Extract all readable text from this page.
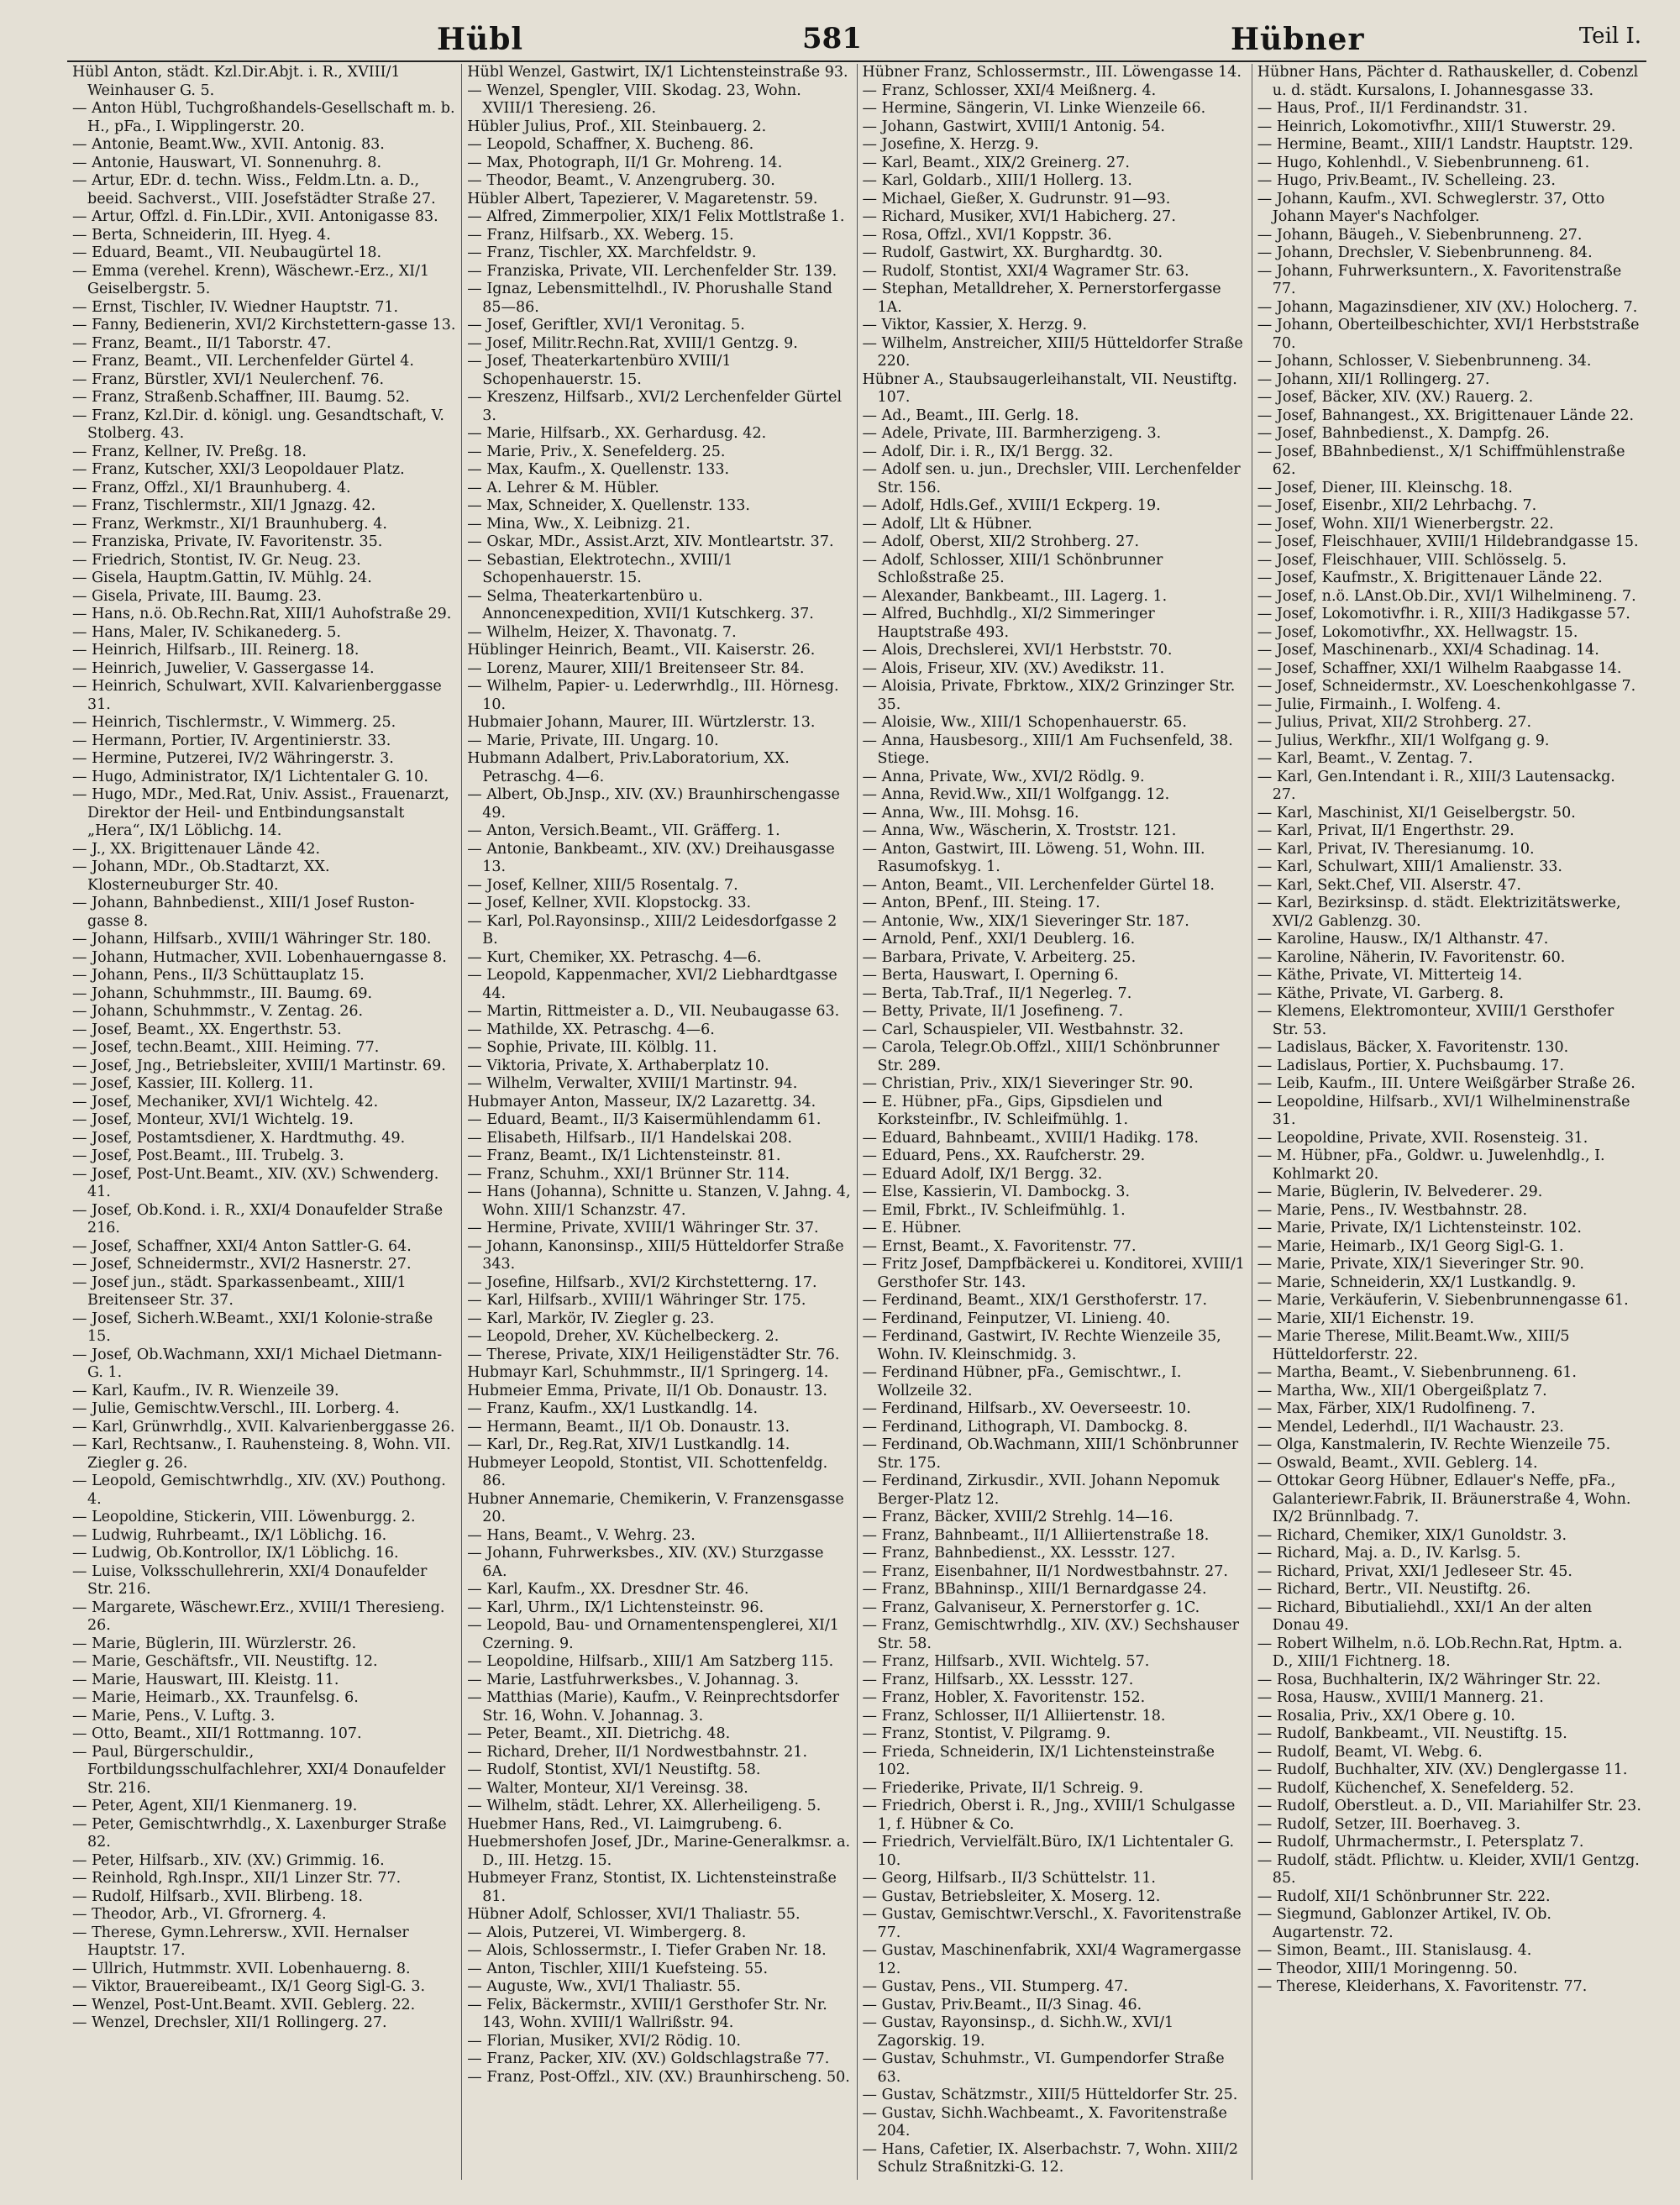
Hübl	581	Hübner	Teil I.

Hübl Anton, städt. Kzl.Dir.Abjt. i. R., XVIII/1 Weinhauser G. 5.

— Anton Hübl, Tuchgroßhandels-Gesellschaft m. b. H., pFa., I. Wipplingerstr. 20.

— Antonie, Beamt.Ww., XVII. Antonig. 83.

— Antonie, Hauswart, VI. Sonnenuhrg. 8.

— Artur, EDr. d. techn. Wiss., Feldm.Ltn. a. D., beeid. Sachverst., VIII. Josefstädter Straße 27.

— Artur, Offzl. d. Fin.LDir., XVII. Antonigasse 83.

— Berta, Schneiderin, III. Hyeg. 4.

— Eduard, Beamt., VII. Neubaugürtel 18.

— Emma (verehel. Krenn), Wäschewr.-Erz., XI/1 Geiselbergstr. 5.

— Ernst, Tischler, IV. Wiedner Hauptstr. 71.

— Fanny, Bedienerin, XVI/2 Kirchstettern-gasse 13.

— Franz, Beamt., II/1 Taborstr. 47.

— Franz, Beamt., VII. Lerchenfelder Gürtel 4.

— Franz, Bürstler, XVI/1 Neulerchenf. 76.

— Franz, Straßenb.Schaffner, III. Baumg. 52.

— Franz, Kzl.Dir. d. königl. ung. Gesandtschaft, V. Stolberg. 43.

— Franz, Kellner, IV. Preßg. 18.

— Franz, Kutscher, XXI/3 Leopoldauer Platz.

— Franz, Offzl., XI/1 Braunhuberg. 4.

— Franz, Tischlermstr., XII/1 Jgnazg. 42.

— Franz, Werkmstr., XI/1 Braunhuberg. 4.

— Franziska, Private, IV. Favoritenstr. 35.

— Friedrich, Stontist, IV. Gr. Neug. 23.

— Gisela, Hauptm.Gattin, IV. Mühlg. 24.

— Gisela, Private, III. Baumg. 23.

— Hans, n.ö. Ob.Rechn.Rat, XIII/1 Auhofstraße 29.

— Hans, Maler, IV. Schikanederg. 5.

— Heinrich, Hilfsarb., III. Reinerg. 18.

— Heinrich, Juwelier, V. Gassergasse 14.

— Heinrich, Schulwart, XVII. Kalvarienberggasse 31.

— Heinrich, Tischlermstr., V. Wimmerg. 25.

— Hermann, Portier, IV. Argentinierstr. 33.

— Hermine, Putzerei, IV/2 Währingerstr. 3.

— Hugo, Administrator, IX/1 Lichtentaler G. 10.

— Hugo, MDr., Med.Rat, Univ. Assist., Frauenarzt, Direktor der Heil- und Entbindungsanstalt „Hera“, IX/1 Löblichg. 14.

— J., XX. Brigittenauer Lände 42.

— Johann, MDr., Ob.Stadtarzt, XX. Klosterneuburger Str. 40.

— Johann, Bahnbedienst., XIII/1 Josef Ruston-gasse 8.

— Johann, Hilfsarb., XVIII/1 Währinger Str. 180.

— Johann, Hutmacher, XVII. Lobenhauerngasse 8.

— Johann, Pens., II/3 Schüttauplatz 15.

— Johann, Schuhmmstr., III. Baumg. 69.

— Johann, Schuhmmstr., V. Zentag. 26.

— Josef, Beamt., XX. Engerthstr. 53.

— Josef, techn.Beamt., XIII. Heiming. 77.

— Josef, Jng., Betriebsleiter, XVIII/1 Martinstr. 69.

— Josef, Kassier, III. Kollerg. 11.

— Josef, Mechaniker, XVI/1 Wichtelg. 42.

— Josef, Monteur, XVI/1 Wichtelg. 19.

— Josef, Postamtsdiener, X. Hardtmuthg. 49.

— Josef, Post.Beamt., III. Trubelg. 3.

— Josef, Post-Unt.Beamt., XIV. (XV.) Schwenderg. 41.

— Josef, Ob.Kond. i. R., XXI/4 Donaufelder Straße 216.

— Josef, Schaffner, XXI/4 Anton Sattler-G. 64.

— Josef, Schneidermstr., XVI/2 Hasnerstr. 27.

— Josef jun., städt. Sparkassenbeamt., XIII/1 Breitenseer Str. 37.

— Josef, Sicherh.W.Beamt., XXI/1 Kolonie-straße 15.

— Josef, Ob.Wachmann, XXI/1 Michael Dietmann-G. 1.

— Karl, Kaufm., IV. R. Wienzeile 39.

— Julie, Gemischtw.Verschl., III. Lorberg. 4.

— Karl, Grünwrhdlg., XVII. Kalvarienberggasse 26.

— Karl, Rechtsanw., I. Rauhensteing. 8, Wohn. VII. Ziegler g. 26.

— Leopold, Gemischtwrhdlg., XIV. (XV.) Pouthong. 4.

— Leopoldine, Stickerin, VIII. Löwenburgg. 2.

— Ludwig, Ruhrbeamt., IX/1 Löblichg. 16.

— Ludwig, Ob.Kontrollor, IX/1 Löblichg. 16.

— Luise, Volksschullehrerin, XXI/4 Donaufelder Str. 216.

— Margarete, Wäschewr.Erz., XVIII/1 Theresieng. 26.

— Marie, Büglerin, III. Würzlerstr. 26.

— Marie, Geschäftsfr., VII. Neustiftg. 12.

— Marie, Hauswart, III. Kleistg. 11.

— Marie, Heimarb., XX. Traunfelsg. 6.

— Marie, Pens., V. Luftg. 3.

— Otto, Beamt., XII/1 Rottmanng. 107.

— Paul, Bürgerschuldir., Fortbildungsschulfachlehrer, XXI/4 Donaufelder Str. 216.

— Peter, Agent, XII/1 Kienmanerg. 19.

— Peter, Gemischtwrhdlg., X. Laxenburger Straße 82.

— Peter, Hilfsarb., XIV. (XV.) Grimmig. 16.

— Reinhold, Rgh.Inspr., XII/1 Linzer Str. 77.

— Rudolf, Hilfsarb., XVII. Blirbeng. 18.

— Theodor, Arb., VI. Gfrornerg. 4.

— Therese, Gymn.Lehrersw., XVII. Hernalser Hauptstr. 17.

— Ullrich, Hutmmstr. XVII. Lobenhauerng. 8.

— Viktor, Brauereibeamt., IX/1 Georg Sigl-G. 3.

— Wenzel, Post-Unt.Beamt. XVII. Geblerg. 22.

— Wenzel, Drechsler, XII/1 Rollingerg. 27.

Hübl Wenzel, Gastwirt, IX/1 Lichtensteinstraße 93.

— Wenzel, Spengler, VIII. Skodag. 23, Wohn. XVIII/1 Theresieng. 26.

Hübler Julius, Prof., XII. Steinbauerg. 2.

— Leopold, Schaffner, X. Bucheng. 86.

— Max, Photograph, II/1 Gr. Mohreng. 14.

— Theodor, Beamt., V. Anzengruberg. 30.

Hübler Albert, Tapezierer, V. Magaretenstr. 59.

— Alfred, Zimmerpolier, XIX/1 Felix Mottlstraße 1.

— Franz, Hilfsarb., XX. Weberg. 15.

— Franz, Tischler, XX. Marchfeldstr. 9.

— Franziska, Private, VII. Lerchenfelder Str. 139.

— Ignaz, Lebensmittelhdl., IV. Phorushalle Stand 85—86.

— Josef, Geriftler, XVI/1 Veronitag. 5.

— Josef, Militr.Rechn.Rat, XVIII/1 Gentzg. 9.

— Josef, Theaterkartenbüro XVIII/1 Schopenhauerstr. 15.

— Kreszenz, Hilfsarb., XVI/2 Lerchenfelder Gürtel 3.

— Marie, Hilfsarb., XX. Gerhardusg. 42.

— Marie, Priv., X. Senefelderg. 25.

— Max, Kaufm., X. Quellenstr. 133.

— A. Lehrer & M. Hübler.

— Max, Schneider, X. Quellenstr. 133.

— Mina, Ww., X. Leibnizg. 21.

— Oskar, MDr., Assist.Arzt, XIV. Montleartstr. 37.

— Sebastian, Elektrotechn., XVIII/1 Schopenhauerstr. 15.

— Selma, Theaterkartenbüro u. Annoncenexpedition, XVII/1 Kutschkerg. 37.

— Wilhelm, Heizer, X. Thavonatg. 7.

Hüblinger Heinrich, Beamt., VII. Kaiserstr. 26.

— Lorenz, Maurer, XIII/1 Breitenseer Str. 84.

— Wilhelm, Papier- u. Lederwrhdlg., III. Hörnesg. 10.

Hubmaier Johann, Maurer, III. Würtzlerstr. 13.

— Marie, Private, III. Ungarg. 10.

Hubmann Adalbert, Priv.Laboratorium, XX. Petraschg. 4—6.

— Albert, Ob.Jnsp., XIV. (XV.) Braunhirschengasse 49.

— Anton, Versich.Beamt., VII. Gräfferg. 1.

— Antonie, Bankbeamt., XIV. (XV.) Dreihausgasse 13.

— Josef, Kellner, XIII/5 Rosentalg. 7.

— Josef, Kellner, XVII. Klopstockg. 33.

— Karl, Pol.Rayonsinsp., XIII/2 Leidesdorfgasse 2 B.

— Kurt, Chemiker, XX. Petraschg. 4—6.

— Leopold, Kappenmacher, XVI/2 Liebhardtgasse 44.

— Martin, Rittmeister a. D., VII. Neubaugasse 63.

— Mathilde, XX. Petraschg. 4—6.

— Sophie, Private, III. Kölblg. 11.

— Viktoria, Private, X. Arthaberplatz 10.

— Wilhelm, Verwalter, XVIII/1 Martinstr. 94.

Hubmayer Anton, Masseur, IX/2 Lazarettg. 34.

— Eduard, Beamt., II/3 Kaisermühlendamm 61.

— Elisabeth, Hilfsarb., II/1 Handelskai 208.

— Franz, Beamt., IX/1 Lichtensteinstr. 81.

— Franz, Schuhm., XXI/1 Brünner Str. 114.

— Hans (Johanna), Schnitte u. Stanzen, V. Jahng. 4, Wohn. XIII/1 Schanzstr. 47.

— Hermine, Private, XVIII/1 Währinger Str. 37.

— Johann, Kanonsinsp., XIII/5 Hütteldorfer Straße 343.

— Josefine, Hilfsarb., XVI/2 Kirchstetterng. 17.

— Karl, Hilfsarb., XVIII/1 Währinger Str. 175.

— Karl, Markör, IV. Ziegler g. 23.

— Leopold, Dreher, XV. Küchelbeckerg. 2.

— Therese, Private, XIX/1 Heiligenstädter Str. 76.

Hubmayr Karl, Schuhmmstr., II/1 Springerg. 14.

Hubmeier Emma, Private, II/1 Ob. Donaustr. 13.

— Franz, Kaufm., XX/1 Lustkandlg. 14.

— Hermann, Beamt., II/1 Ob. Donaustr. 13.

— Karl, Dr., Reg.Rat, XIV/1 Lustkandlg. 14.

Hubmeyer Leopold, Stontist, VII. Schottenfeldg. 86.

Hubner Annemarie, Chemikerin, V. Franzensgasse 20.

— Hans, Beamt., V. Wehrg. 23.

— Johann, Fuhrwerksbes., XIV. (XV.) Sturzgasse 6A.

— Karl, Kaufm., XX. Dresdner Str. 46.

— Karl, Uhrm., IX/1 Lichtensteinstr. 96.

— Leopold, Bau- und Ornamentenspenglerei, XI/1 Czerning. 9.

— Leopoldine, Hilfsarb., XIII/1 Am Satzberg 115.

— Marie, Lastfuhrwerksbes., V. Johannag. 3.

— Matthias (Marie), Kaufm., V. Reinprechtsdorfer Str. 16, Wohn. V. Johannag. 3.

— Peter, Beamt., XII. Dietrichg. 48.

— Richard, Dreher, II/1 Nordwestbahnstr. 21.

— Rudolf, Stontist, XVI/1 Neustiftg. 58.

— Walter, Monteur, XI/1 Vereinsg. 38.

— Wilhelm, städt. Lehrer, XX. Allerheiligeng. 5.

Huebmer Hans, Red., VI. Laimgrubeng. 6.

Huebmershofen Josef, JDr., Marine-Generalkmsr. a. D., III. Hetzg. 15.

Hubmeyer Franz, Stontist, IX. Lichtensteinstraße 81.

Hübner Adolf, Schlosser, XVI/1 Thaliastr. 55.

— Alois, Putzerei, VI. Wimbergerg. 8.

— Alois, Schlossermstr., I. Tiefer Graben Nr. 18.

— Anton, Tischler, XIII/1 Kuefsteing. 55.

— Auguste, Ww., XVI/1 Thaliastr. 55.

— Felix, Bäckermstr., XVIII/1 Gersthofer Str. Nr. 143, Wohn. XVIII/1 Wallrißstr. 94.

— Florian, Musiker, XVI/2 Rödig. 10.

— Franz, Packer, XIV. (XV.) Goldschlagstraße 77.

— Franz, Post-Offzl., XIV. (XV.) Braunhirscheng. 50.

Hübner Franz, Schlossermstr., III. Löwengasse 14.

— Franz, Schlosser, XXI/4 Meißnerg. 4.

— Hermine, Sängerin, VI. Linke Wienzeile 66.

— Johann, Gastwirt, XVIII/1 Antonig. 54.

— Josefine, X. Herzg. 9.

— Karl, Beamt., XIX/2 Greinerg. 27.

— Karl, Goldarb., XIII/1 Hollerg. 13.

— Michael, Gießer, X. Gudrunstr. 91—93.

— Richard, Musiker, XVI/1 Habicherg. 27.

— Rosa, Offzl., XVI/1 Koppstr. 36.

— Rudolf, Gastwirt, XX. Burghardtg. 30.

— Rudolf, Stontist, XXI/4 Wagramer Str. 63.

— Stephan, Metalldreher, X. Pernerstorfergasse 1A.

— Viktor, Kassier, X. Herzg. 9.

— Wilhelm, Anstreicher, XIII/5 Hütteldorfer Straße 220.

Hübner A., Staubsaugerleihanstalt, VII. Neustiftg. 107.

— Ad., Beamt., III. Gerlg. 18.

— Adele, Private, III. Barmherzigeng. 3.

— Adolf, Dir. i. R., IX/1 Bergg. 32.

— Adolf sen. u. jun., Drechsler, VIII. Lerchenfelder Str. 156.

— Adolf, Hdls.Gef., XVIII/1 Eckperg. 19.

— Adolf, Llt & Hübner.

— Adolf, Oberst, XII/2 Strohberg. 27.

— Adolf, Schlosser, XIII/1 Schönbrunner Schloßstraße 25.

— Alexander, Bankbeamt., III. Lagerg. 1.

— Alfred, Buchhdlg., XI/2 Simmeringer Hauptstraße 493.

— Alois, Drechslerei, XVI/1 Herbststr. 70.

— Alois, Friseur, XIV. (XV.) Avedikstr. 11.

— Aloisia, Private, Fbrktow., XIX/2 Grinzinger Str. 35.

— Aloisie, Ww., XIII/1 Schopenhauerstr. 65.

— Anna, Hausbesorg., XIII/1 Am Fuchsenfeld, 38. Stiege.

— Anna, Private, Ww., XVI/2 Rödlg. 9.

— Anna, Revid.Ww., XII/1 Wolfgangg. 12.

— Anna, Ww., III. Mohsg. 16.

— Anna, Ww., Wäscherin, X. Troststr. 121.

— Anton, Gastwirt, III. Löweng. 51, Wohn. III. Rasumofskyg. 1.

— Anton, Beamt., VII. Lerchenfelder Gürtel 18.

— Anton, BPenf., III. Steing. 17.

— Antonie, Ww., XIX/1 Sieveringer Str. 187.

— Arnold, Penf., XXI/1 Deublerg. 16.

— Barbara, Private, V. Arbeiterg. 25.

— Berta, Hauswart, I. Operning 6.

— Berta, Tab.Traf., II/1 Negerleg. 7.

— Betty, Private, II/1 Josefineng. 7.

— Carl, Schauspieler, VII. Westbahnstr. 32.

— Carola, Telegr.Ob.Offzl., XIII/1 Schönbrunner Str. 289.

— Christian, Priv., XIX/1 Sieveringer Str. 90.

— E. Hübner, pFa., Gips, Gipsdielen und Korksteinfbr., IV. Schleifmühlg. 1.

— Eduard, Bahnbeamt., XVIII/1 Hadikg. 178.

— Eduard, Pens., XX. Raufcherstr. 29.

— Eduard Adolf, IX/1 Bergg. 32.

— Else, Kassierin, VI. Dambockg. 3.

— Emil, Fbrkt., IV. Schleifmühlg. 1.

— E. Hübner.

— Ernst, Beamt., X. Favoritenstr. 77.

— Fritz Josef, Dampfbäckerei u. Konditorei, XVIII/1 Gersthofer Str. 143.

— Ferdinand, Beamt., XIX/1 Gersthoferstr. 17.

— Ferdinand, Feinputzer, VI. Linieng. 40.

— Ferdinand, Gastwirt, IV. Rechte Wienzeile 35, Wohn. IV. Kleinschmidg. 3.

— Ferdinand Hübner, pFa., Gemischtwr., I. Wollzeile 32.

— Ferdinand, Hilfsarb., XV. Oeverseestr. 10.

— Ferdinand, Lithograph, VI. Dambockg. 8.

— Ferdinand, Ob.Wachmann, XIII/1 Schönbrunner Str. 175.

— Ferdinand, Zirkusdir., XVII. Johann Nepomuk Berger-Platz 12.

— Franz, Bäcker, XVIII/2 Strehlg. 14—16.

— Franz, Bahnbeamt., II/1 Alliiertenstraße 18.

— Franz, Bahnbedienst., XX. Lessstr. 127.

— Franz, Eisenbahner, II/1 Nordwestbahnstr. 27.

— Franz, BBahninsp., XIII/1 Bernardgasse 24.

— Franz, Galvaniseur, X. Pernerstorfer g. 1C.

— Franz, Gemischtwrhdlg., XIV. (XV.) Sechshauser Str. 58.

— Franz, Hilfsarb., XVII. Wichtelg. 57.

— Franz, Hilfsarb., XX. Lessstr. 127.

— Franz, Hobler, X. Favoritenstr. 152.

— Franz, Schlosser, II/1 Alliiertenstr. 18.

— Franz, Stontist, V. Pilgramg. 9.

— Frieda, Schneiderin, IX/1 Lichtensteinstraße 102.

— Friederike, Private, II/1 Schreig. 9.

— Friedrich, Oberst i. R., Jng., XVIII/1 Schulgasse 1, f. Hübner & Co.

— Friedrich, Vervielfält.Büro, IX/1 Lichtentaler G. 10.

— Georg, Hilfsarb., II/3 Schüttelstr. 11.

— Gustav, Betriebsleiter, X. Moserg. 12.

— Gustav, Gemischtwr.Verschl., X. Favoritenstraße 77.

— Gustav, Maschinenfabrik, XXI/4 Wagramergasse 12.

— Gustav, Pens., VII. Stumperg. 47.

— Gustav, Priv.Beamt., II/3 Sinag. 46.

— Gustav, Rayonsinsp., d. Sichh.W., XVI/1 Zagorskig. 19.

— Gustav, Schuhmstr., VI. Gumpendorfer Straße 63.

— Gustav, Schätzmstr., XIII/5 Hütteldorfer Str. 25.

— Gustav, Sichh.Wachbeamt., X. Favoritenstraße 204.

— Hans, Cafetier, IX. Alserbachstr. 7, Wohn. XIII/2 Schulz Straßnitzki-G. 12.

Hübner Hans, Pächter d. Rathauskeller, d. Cobenzl u. d. städt. Kursalons, I. Johannesgasse 33.

— Haus, Prof., II/1 Ferdinandstr. 31.

— Heinrich, Lokomotivfhr., XIII/1 Stuwerstr. 29.

— Hermine, Beamt., XIII/1 Landstr. Hauptstr. 129.

— Hugo, Kohlenhdl., V. Siebenbrunneng. 61.

— Hugo, Priv.Beamt., IV. Schelleing. 23.

— Johann, Kaufm., XVI. Schweglerstr. 37, Otto Johann Mayer's Nachfolger.

— Johann, Bäugeh., V. Siebenbrunneng. 27.

— Johann, Drechsler, V. Siebenbrunneng. 84.

— Johann, Fuhrwerksuntern., X. Favoritenstraße 77.

— Johann, Magazinsdiener, XIV (XV.) Holocherg. 7.

— Johann, Oberteilbeschichter, XVI/1 Herbststraße 70.

— Johann, Schlosser, V. Siebenbrunneng. 34.

— Johann, XII/1 Rollingerg. 27.

— Josef, Bäcker, XIV. (XV.) Rauerg. 2.

— Josef, Bahnangest., XX. Brigittenauer Lände 22.

— Josef, Bahnbedienst., X. Dampfg. 26.

— Josef, BBahnbedienst., X/1 Schiffmühlenstraße 62.

— Josef, Diener, III. Kleinschg. 18.

— Josef, Eisenbr., XII/2 Lehrbachg. 7.

— Josef, Wohn. XII/1 Wienerbergstr. 22.

— Josef, Fleischhauer, XVIII/1 Hildebrandgasse 15.

— Josef, Fleischhauer, VIII. Schlösselg. 5.

— Josef, Kaufmstr., X. Brigittenauer Lände 22.

— Josef, n.ö. LAnst.Ob.Dir., XVI/1 Wilhelmineng. 7.

— Josef, Lokomotivfhr. i. R., XIII/3 Hadikgasse 57.

— Josef, Lokomotivfhr., XX. Hellwagstr. 15.

— Josef, Maschinenarb., XXI/4 Schadinag. 14.

— Josef, Schaffner, XXI/1 Wilhelm Raabgasse 14.

— Josef, Schneidermstr., XV. Loeschenkohlgasse 7.

— Julie, Firmainh., I. Wolfeng. 4.

— Julius, Privat, XII/2 Strohberg. 27.

— Julius, Werkfhr., XII/1 Wolfgang g. 9.

— Karl, Beamt., V. Zentag. 7.

— Karl, Gen.Intendant i. R., XIII/3 Lautensackg. 27.

— Karl, Maschinist, XI/1 Geiselbergstr. 50.

— Karl, Privat, II/1 Engerthstr. 29.

— Karl, Privat, IV. Theresianumg. 10.

— Karl, Schulwart, XIII/1 Amalienstr. 33.

— Karl, Sekt.Chef, VII. Alserstr. 47.

— Karl, Bezirksinsp. d. städt. Elektrizitätswerke, XVI/2 Gablenzg. 30.

— Karoline, Hausw., IX/1 Althanstr. 47.

— Karoline, Näherin, IV. Favoritenstr. 60.

— Käthe, Private, VI. Mitterteig 14.

— Käthe, Private, VI. Garberg. 8.

— Klemens, Elektromonteur, XVIII/1 Gersthofer Str. 53.

— Ladislaus, Bäcker, X. Favoritenstr. 130.

— Ladislaus, Portier, X. Puchsbaumg. 17.

— Leib, Kaufm., III. Untere Weißgärber Straße 26.

— Leopoldine, Hilfsarb., XVI/1 Wilhelminenstraße 31.

— Leopoldine, Private, XVII. Rosensteig. 31.

— M. Hübner, pFa., Goldwr. u. Juwelenhdlg., I. Kohlmarkt 20.

— Marie, Büglerin, IV. Belvederег. 29.

— Marie, Pens., IV. Westbahnstr. 28.

— Marie, Private, IX/1 Lichtensteinstr. 102.

— Marie, Heimarb., IX/1 Georg Sigl-G. 1.

— Marie, Private, XIX/1 Sieveringer Str. 90.

— Marie, Schneiderin, XX/1 Lustkandlg. 9.

— Marie, Verkäuferin, V. Siebenbrunnengasse 61.

— Marie, XII/1 Eichenstr. 19.

— Marie Therese, Milit.Beamt.Ww., XIII/5 Hütteldorferstr. 22.

— Martha, Beamt., V. Siebenbrunneng. 61.

— Martha, Ww., XII/1 Obergeißplatz 7.

— Max, Färber, XIX/1 Rudolfineng. 7.

— Mendel, Lederhdl., II/1 Wachaustr. 23.

— Olga, Kanstmalerin, IV. Rechte Wienzeile 75.

— Oswald, Beamt., XVII. Geblerg. 14.

— Ottokar Georg Hübner, Edlauer's Neffe, pFa., Galanteriewr.Fabrik, II. Bräunerstraße 4, Wohn. IX/2 Brünnlbadg. 7.

— Richard, Chemiker, XIX/1 Gunoldstr. 3.

— Richard, Maj. a. D., IV. Karlsg. 5.

— Richard, Privat, XXI/1 Jedleseer Str. 45.

— Richard, Bertr., VII. Neustiftg. 26.

— Richard, Bibutialiehdl., XXI/1 An der alten Donau 49.

— Robert Wilhelm, n.ö. LOb.Rechn.Rat, Hptm. a. D., XIII/1 Fichtnerg. 18.

— Rosa, Buchhalterin, IX/2 Währinger Str. 22.

— Rosa, Hausw., XVIII/1 Mannerg. 21.

— Rosalia, Priv., XX/1 Obere g. 10.

— Rudolf, Bankbeamt., VII. Neustiftg. 15.

— Rudolf, Beamt, VI. Webg. 6.

— Rudolf, Buchhalter, XIV. (XV.) Denglergasse 11.

— Rudolf, Küchenchef, X. Senefelderg. 52.

— Rudolf, Oberstleut. a. D., VII. Mariahilfer Str. 23.

— Rudolf, Setzer, III. Boerhaveg. 3.

— Rudolf, Uhrmachermstr., I. Petersplatz 7.

— Rudolf, städt. Pflichtw. u. Kleider, XVII/1 Gentzg. 85.

— Rudolf, XII/1 Schönbrunner Str. 222.

— Siegmund, Gablonzer Artikel, IV. Ob. Augartenstr. 72.

— Simon, Beamt., III. Stanislausg. 4.

— Theodor, XIII/1 Moringenng. 50.

— Therese, Kleiderhans, X. Favoritenstr. 77.
